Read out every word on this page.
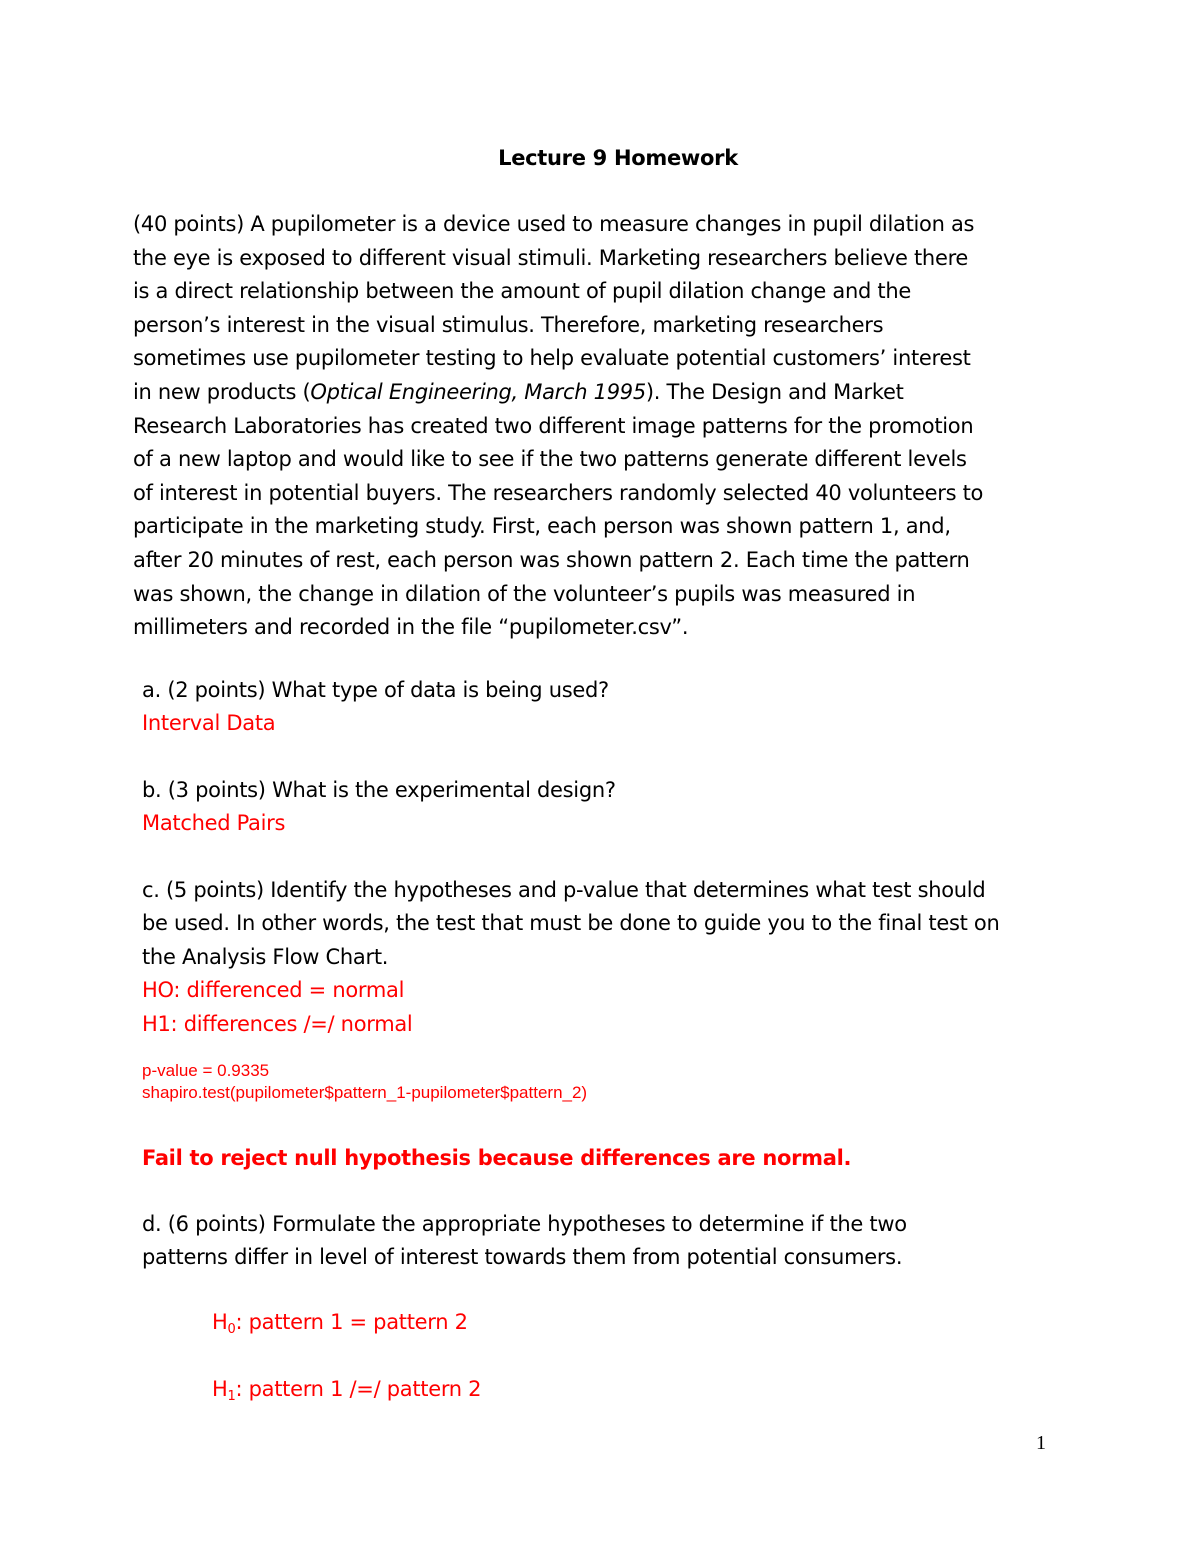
Lecture 9 Homework
(40 points) A pupilometer is a device used to measure changes in pupil dilation as
the eye is exposed to different visual stimuli. Marketing researchers believe there
is a direct relationship between the amount of pupil dilation change and the
person’s interest in the visual stimulus. Therefore, marketing researchers
sometimes use pupilometer testing to help evaluate potential customers’ interest
in new products (Optical Engineering, March 1995). The Design and Market
Research Laboratories has created two different image patterns for the promotion
of a new laptop and would like to see if the two patterns generate different levels
of interest in potential buyers. The researchers randomly selected 40 volunteers to
participate in the marketing study. First, each person was shown pattern 1, and,
after 20 minutes of rest, each person was shown pattern 2. Each time the pattern
was shown, the change in dilation of the volunteer’s pupils was measured in
millimeters and recorded in the file “pupilometer.csv”.
a. (2 points) What type of data is being used?
Interval Data
b. (3 points) What is the experimental design?
Matched Pairs
c. (5 points) Identify the hypotheses and p-value that determines what test should
be used. In other words, the test that must be done to guide you to the final test on
the Analysis Flow Chart.
HO: differenced = normal
H1: differences /=/ normal
p-value = 0.9335
shapiro.test(pupilometer$pattern_1-pupilometer$pattern_2)
Fail to reject null hypothesis because differences are normal.
d. (6 points) Formulate the appropriate hypotheses to determine if the two
patterns differ in level of interest towards them from potential consumers.
$H_0$: pattern 1 = pattern 2
$H_1$: pattern 1 /=/ pattern 2
1
